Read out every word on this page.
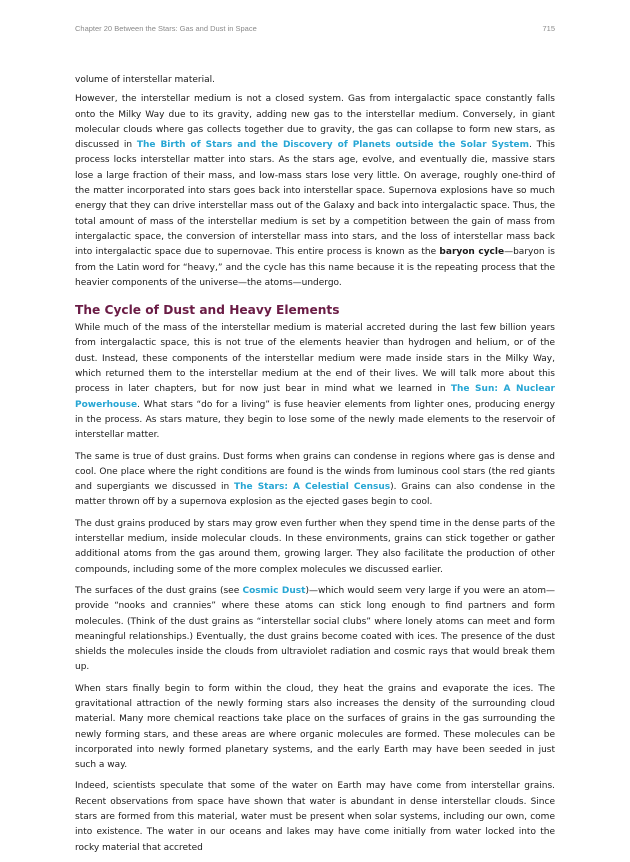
Chapter 20 Between the Stars: Gas and Dust in Space	715

volume of interstellar material.

However, the interstellar medium is not a closed system. Gas from intergalactic space constantly falls onto the Milky Way due to its gravity, adding new gas to the interstellar medium. Conversely, in giant molecular clouds where gas collects together due to gravity, the gas can collapse to form new stars, as discussed in The Birth of Stars and the Discovery of Planets outside the Solar System. This process locks interstellar matter into stars. As the stars age, evolve, and eventually die, massive stars lose a large fraction of their mass, and low-mass stars lose very little. On average, roughly one-third of the matter incorporated into stars goes back into interstellar space. Supernova explosions have so much energy that they can drive interstellar mass out of the Galaxy and back into intergalactic space. Thus, the total amount of mass of the interstellar medium is set by a competition between the gain of mass from intergalactic space, the conversion of interstellar mass into stars, and the loss of interstellar mass back into intergalactic space due to supernovae. This entire process is known as the baryon cycle—baryon is from the Latin word for “heavy,” and the cycle has this name because it is the repeating process that the heavier components of the universe—the atoms—undergo.

The Cycle of Dust and Heavy Elements

While much of the mass of the interstellar medium is material accreted during the last few billion years from intergalactic space, this is not true of the elements heavier than hydrogen and helium, or of the dust. Instead, these components of the interstellar medium were made inside stars in the Milky Way, which returned them to the interstellar medium at the end of their lives. We will talk more about this process in later chapters, but for now just bear in mind what we learned in The Sun: A Nuclear Powerhouse. What stars “do for a living” is fuse heavier elements from lighter ones, producing energy in the process. As stars mature, they begin to lose some of the newly made elements to the reservoir of interstellar matter.

The same is true of dust grains. Dust forms when grains can condense in regions where gas is dense and cool. One place where the right conditions are found is the winds from luminous cool stars (the red giants and supergiants we discussed in The Stars: A Celestial Census). Grains can also condense in the matter thrown off by a supernova explosion as the ejected gases begin to cool.

The dust grains produced by stars may grow even further when they spend time in the dense parts of the interstellar medium, inside molecular clouds. In these environments, grains can stick together or gather additional atoms from the gas around them, growing larger. They also facilitate the production of other compounds, including some of the more complex molecules we discussed earlier.

The surfaces of the dust grains (see Cosmic Dust)—which would seem very large if you were an atom—provide “nooks and crannies” where these atoms can stick long enough to find partners and form molecules. (Think of the dust grains as “interstellar social clubs” where lonely atoms can meet and form meaningful relationships.) Eventually, the dust grains become coated with ices. The presence of the dust shields the molecules inside the clouds from ultraviolet radiation and cosmic rays that would break them up.

When stars finally begin to form within the cloud, they heat the grains and evaporate the ices. The gravitational attraction of the newly forming stars also increases the density of the surrounding cloud material. Many more chemical reactions take place on the surfaces of grains in the gas surrounding the newly forming stars, and these areas are where organic molecules are formed. These molecules can be incorporated into newly formed planetary systems, and the early Earth may have been seeded in just such a way.

Indeed, scientists speculate that some of the water on Earth may have come from interstellar grains. Recent observations from space have shown that water is abundant in dense interstellar clouds. Since stars are formed from this material, water must be present when solar systems, including our own, come into existence. The water in our oceans and lakes may have come initially from water locked into the rocky material that accreted
